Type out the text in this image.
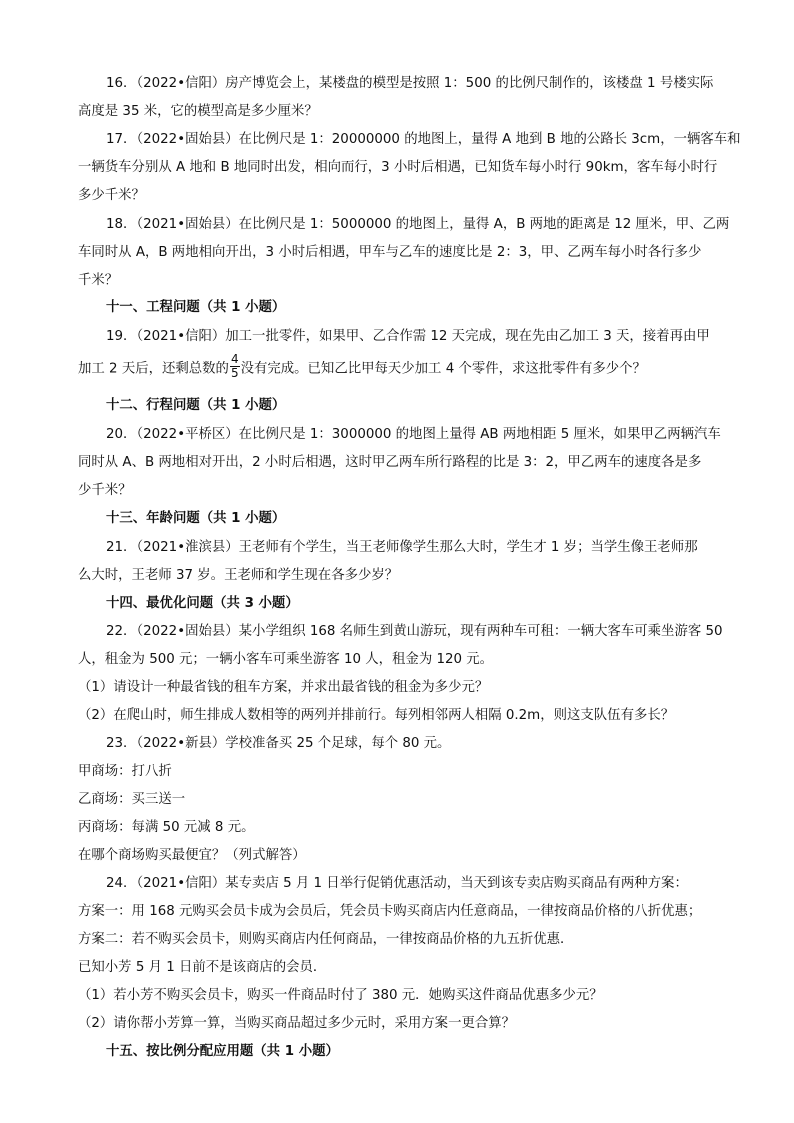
16．（2022•信阳）房产博览会上，某楼盘的模型是按照 1：500 的比例尺制作的，该楼盘 1 号楼实际
高度是 35 米，它的模型高是多少厘米？
17．（2022•固始县）在比例尺是 1：20000000 的地图上，量得 A 地到 B 地的公路长 3cm，一辆客车和
一辆货车分别从 A 地和 B 地同时出发，相向而行，3 小时后相遇，已知货车每小时行 90km，客车每小时行
多少千米？
18．（2021•固始县）在比例尺是 1：5000000 的地图上，量得 A，B 两地的距离是 12 厘米，甲、乙两
车同时从 A，B 两地相向开出，3 小时后相遇，甲车与乙车的速度比是 2：3，甲、乙两车每小时各行多少
千米？
十一、工程问题（共 1 小题）
19．（2021•信阳）加工一批零件，如果甲、乙合作需 12 天完成，现在先由乙加工 3 天，接着再由甲
加工 2 天后，还剩总数的 $\frac{4}{5}$ 没有完成。已知乙比甲每天少加工 4 个零件，求这批零件有多少个？
十二、行程问题（共 1 小题）
20．（2022•平桥区）在比例尺是 1：3000000 的地图上量得 AB 两地相距 5 厘米，如果甲乙两辆汽车
同时从 A、B 两地相对开出，2 小时后相遇，这时甲乙两车所行路程的比是 3：2，甲乙两车的速度各是多
少千米？
十三、年龄问题（共 1 小题）
21．（2021•淮滨县）王老师有个学生，当王老师像学生那么大时，学生才 1 岁；当学生像王老师那
么大时，王老师 37 岁。王老师和学生现在各多少岁？
十四、最优化问题（共 3 小题）
22．（2022•固始县）某小学组织 168 名师生到黄山游玩，现有两种车可租：一辆大客车可乘坐游客 50
人，租金为 500 元；一辆小客车可乘坐游客 10 人，租金为 120 元。
（1）请设计一种最省钱的租车方案，并求出最省钱的租金为多少元？
（2）在爬山时，师生排成人数相等的两列并排前行。每列相邻两人相隔 0.2m，则这支队伍有多长？
23．（2022•新县）学校准备买 25 个足球，每个 80 元。
甲商场：打八折
乙商场：买三送一
丙商场：每满 50 元减 8 元。
在哪个商场购买最便宜？（列式解答）
24．（2021•信阳）某专卖店 5 月 1 日举行促销优惠活动，当天到该专卖店购买商品有两种方案：
方案一：用 168 元购买会员卡成为会员后，凭会员卡购买商店内任意商品，一律按商品价格的八折优惠；
方案二：若不购买会员卡，则购买商店内任何商品，一律按商品价格的九五折优惠．
已知小芳 5 月 1 日前不是该商店的会员．
（1）若小芳不购买会员卡，购买一件商品时付了 380 元．她购买这件商品优惠多少元？
（2）请你帮小芳算一算，当购买商品超过多少元时，采用方案一更合算？
十五、按比例分配应用题（共 1 小题）
